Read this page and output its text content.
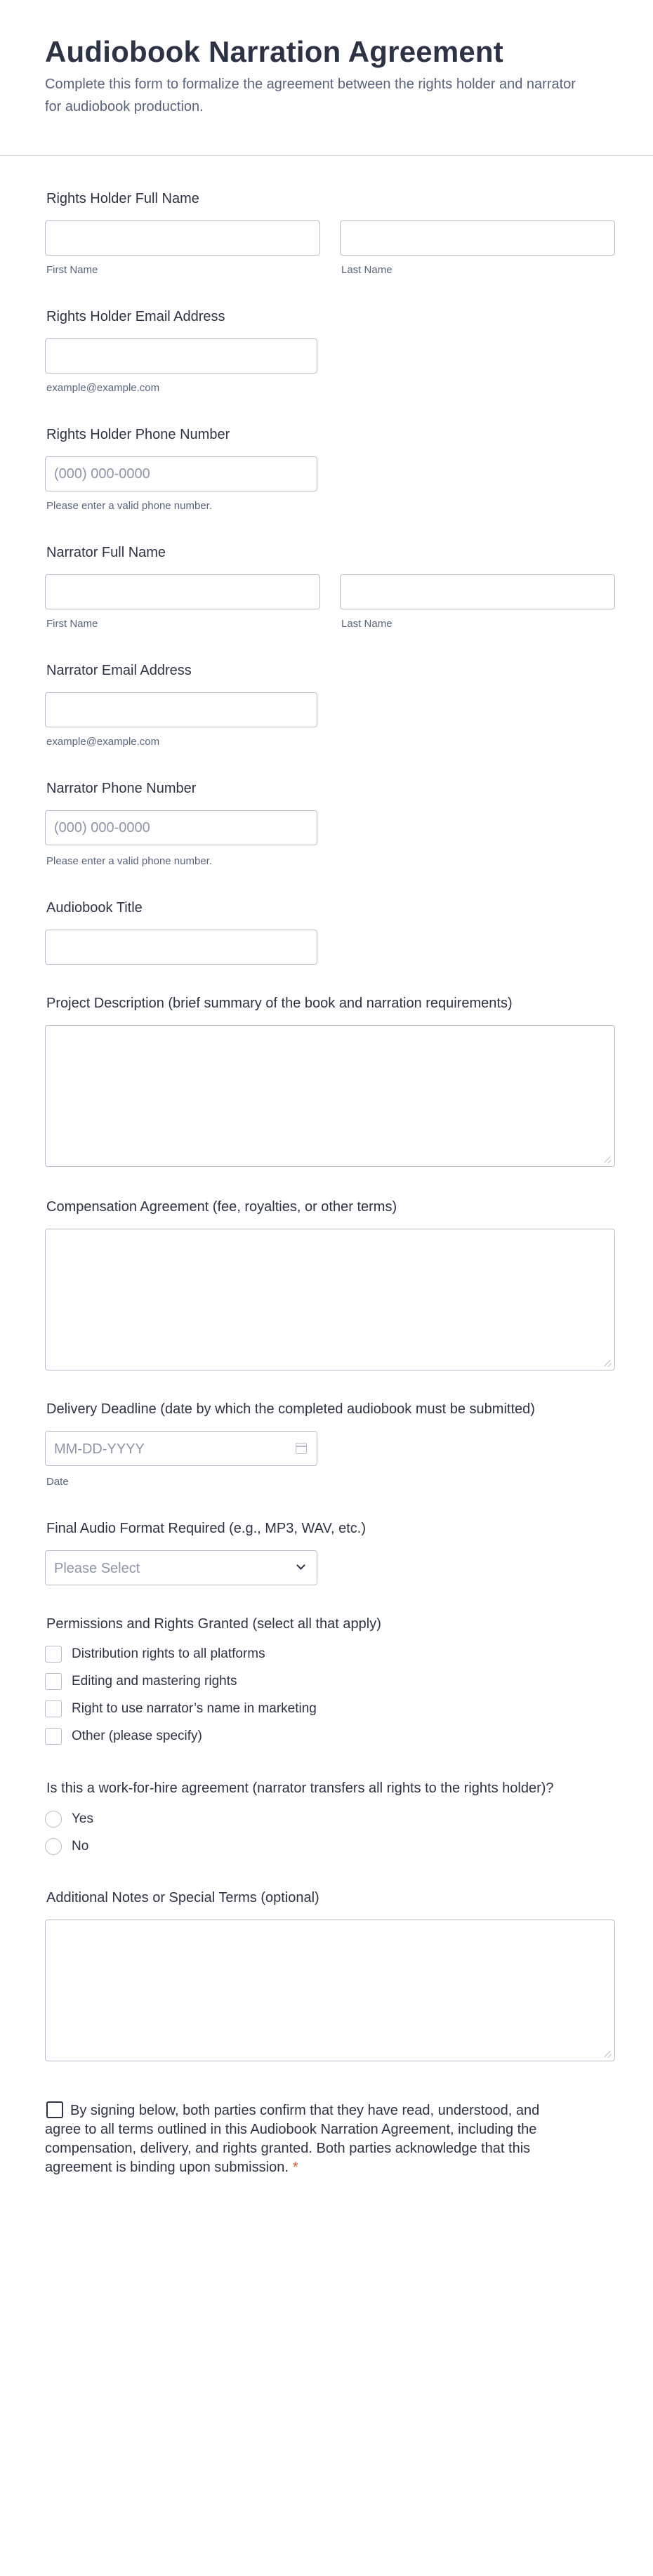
Audiobook Narration Agreement

Complete this form to formalize the agreement between the rights holder and narrator for audiobook production.

Rights Holder Full Name
First Name	Last Name
Rights Holder Email Address
example@example.com
Rights Holder Phone Number
(000) 000-0000
Please enter a valid phone number.
Narrator Full Name
First Name	Last Name
Narrator Email Address
example@example.com
Narrator Phone Number
(000) 000-0000
Please enter a valid phone number.
Audiobook Title
Project Description (brief summary of the book and narration requirements)
Compensation Agreement (fee, royalties, or other terms)
Delivery Deadline (date by which the completed audiobook must be submitted)
MM-DD-YYYY
Date
Final Audio Format Required (e.g., MP3, WAV, etc.)
Please Select
Permissions and Rights Granted (select all that apply)
Distribution rights to all platforms
Editing and mastering rights
Right to use narrator’s name in marketing
Other (please specify)
Is this a work-for-hire agreement (narrator transfers all rights to the rights holder)?
Yes
No
Additional Notes or Special Terms (optional)
By signing below, both parties confirm that they have read, understood, and agree to all terms outlined in this Audiobook Narration Agreement, including the compensation, delivery, and rights granted. Both parties acknowledge that this agreement is binding upon submission. *
